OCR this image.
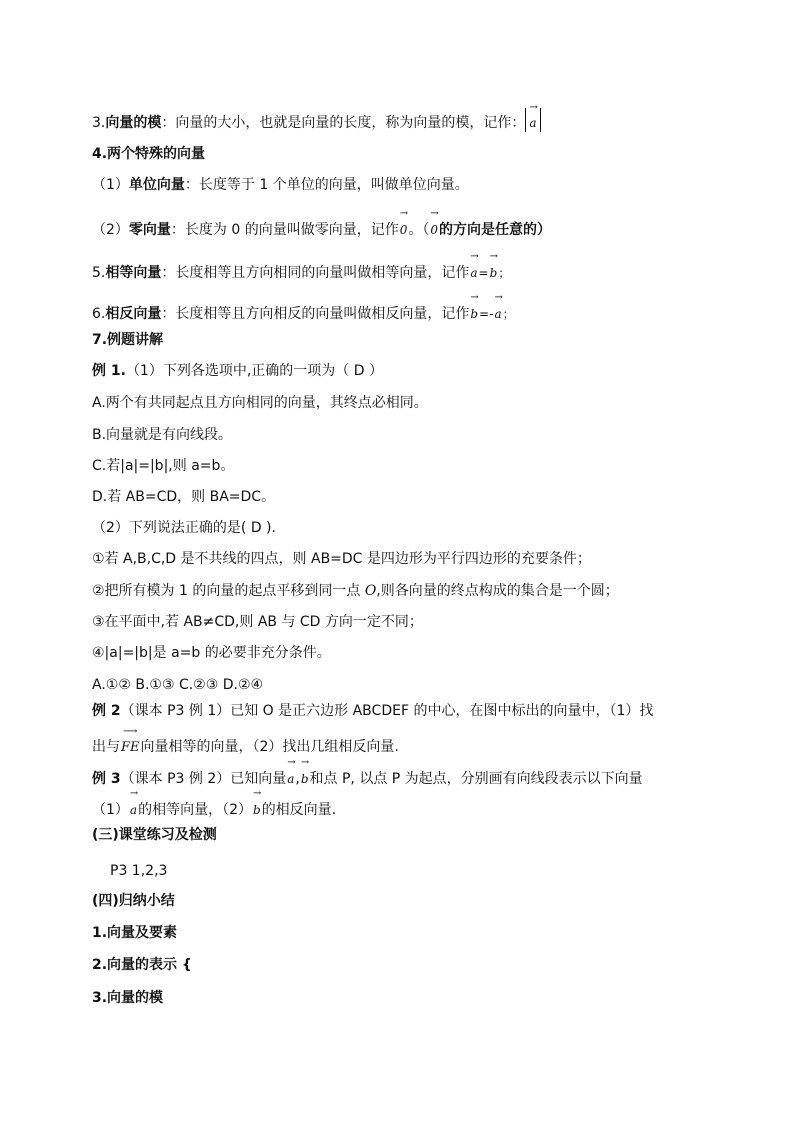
3.向量的模：向量的大小，也就是向量的长度，称为向量的模，记作：
→
a
4.两个特殊的向量
（1）单位向量：长度等于 1 个单位的向量，叫做单位向量。
（2）零向量：长度为 0 的向量叫做零向量，记作
→
0。（
→
0的方向是任意的）
5.相等向量：长度相等且方向相同的向量叫做相等向量，记作
→
a=
→
b；
6.相反向量：长度相等且方向相反的向量叫做相反向量，记作
→
b=-
→
a；
7.例题讲解
例 1.（1）下列各选项中,正确的一项为（ D ）
A.两个有共同起点且方向相同的向量，其终点必相同。
B.向量就是有向线段。
C.若|a|=|b|,则 a=b。
D.若 AB=CD，则 BA=DC。
（2）下列说法正确的是( D ).
①若 A,B,C,D 是不共线的四点，则 AB=DC 是四边形为平行四边形的充要条件；
②把所有模为 1 的向量的起点平移到同一点 O,则各向量的终点构成的集合是一个圆；
③在平面中,若 AB≠CD,则 AB 与 CD 方向一定不同；
④|a|=|b|是 a=b 的必要非充分条件。
A.①② B.①③ C.②③ D.②④
例 2（课本 P3 例 1）已知 O 是正六边形 ABCDEF 的中心，在图中标出的向量中，（1）找
出与
⟶
FE向量相等的向量，（2）找出几组相反向量.
例 3（课本 P3 例 2）已知向量
→
a,
→
b和点 P, 以点 P 为起点，分别画有向线段表示以下向量
（1）
→
a的相等向量，（2）
→
b的相反向量.
(三)课堂练习及检测
P3 1,2,3
(四)归纳小结
1.向量及要素
2.向量的表示 {
3.向量的模
